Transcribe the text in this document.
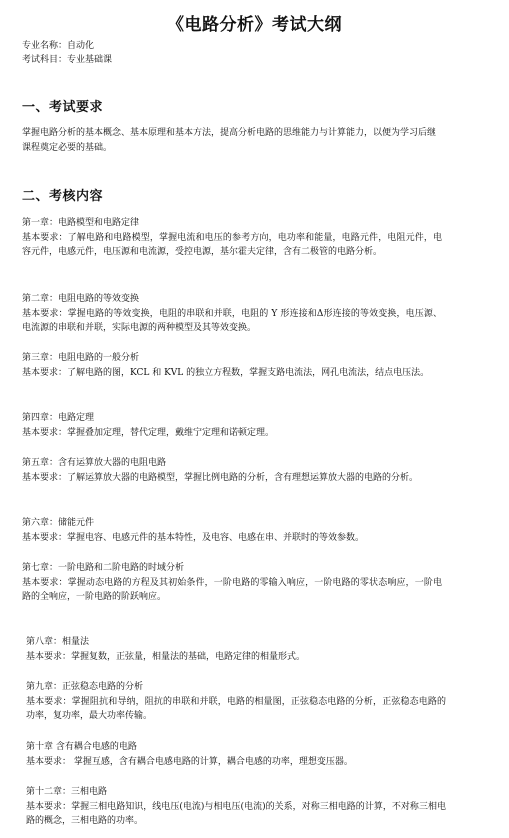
《电路分析》考试大纲
专业名称：自动化
考试科目：专业基础课
一、考试要求
掌握电路分析的基本概念、基本原理和基本方法，提高分析电路的思维能力与计算能力，以便为学习后继课程奠定必要的基础。
二、考核内容
第一章：电路模型和电路定律
基本要求：了解电路和电路模型，掌握电流和电压的参考方向，电功率和能量，电路元件，电阻元件，电容元件，电感元件，电压源和电流源，受控电源，基尔霍夫定律，含有二极管的电路分析。
第二章：电阻电路的等效变换
基本要求：掌握电路的等效变换，电阻的串联和并联，电阻的 Y 形连接和Δ形连接的等效变换，电压源、电流源的串联和并联，实际电源的两种模型及其等效变换。
第三章：电阻电路的一般分析
基本要求：了解电路的图，KCL 和 KVL 的独立方程数，掌握支路电流法，网孔电流法，结点电压法。
第四章：电路定理
基本要求：掌握叠加定理，替代定理，戴维宁定理和诺顿定理。
第五章：含有运算放大器的电阻电路
基本要求：了解运算放大器的电路模型，掌握比例电路的分析，含有理想运算放大器的电路的分析。
第六章：储能元件
基本要求：掌握电容、电感元件的基本特性，及电容、电感在串、并联时的等效参数。
第七章：一阶电路和二阶电路的时域分析
基本要求：掌握动态电路的方程及其初始条件，一阶电路的零输入响应，一阶电路的零状态响应，一阶电路的全响应，一阶电路的阶跃响应。
第八章：相量法
基本要求：掌握复数，正弦量，相量法的基础，电路定律的相量形式。
第九章：正弦稳态电路的分析
基本要求：掌握阻抗和导纳，阻抗的串联和并联，电路的相量图，正弦稳态电路的分析，正弦稳态电路的功率，复功率，最大功率传输。
第十章 含有耦合电感的电路
基本要求： 掌握互感，含有耦合电感电路的计算，耦合电感的功率，理想变压器。
第十二章：三相电路
基本要求：掌握三相电路知识，线电压(电流)与相电压(电流)的关系，对称三相电路的计算，不对称三相电路的概念，三相电路的功率。
